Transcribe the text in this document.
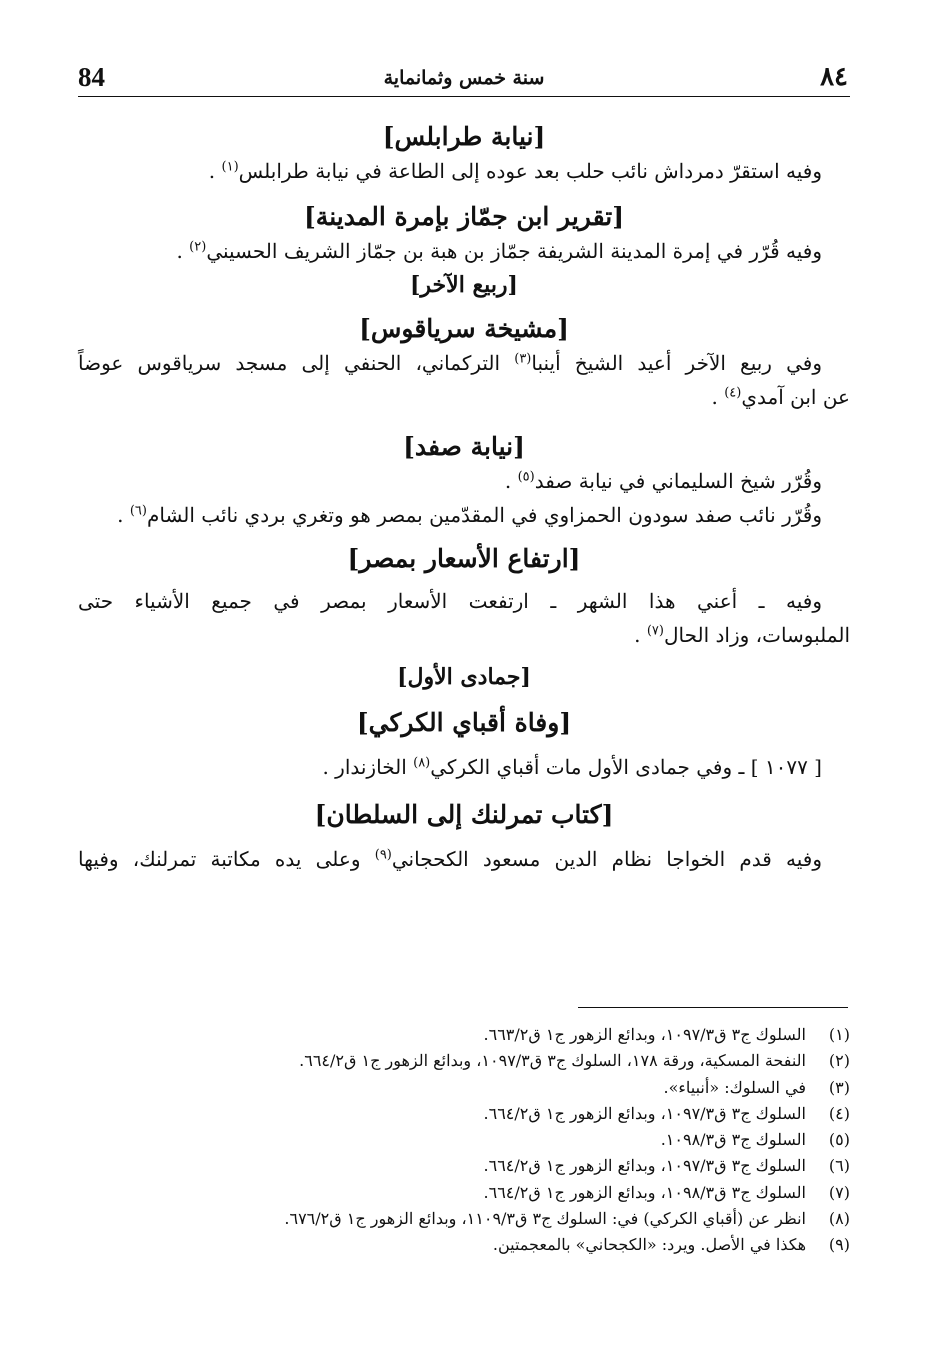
84	سنة خمس وثمانماية	٨٤
[نيابة طرابلس]

وفيه استقرّ دمرداش نائب حلب بعد عوده إلى الطاعة في نيابة طرابلس$^{(١)}$ .

[تقرير ابن جمّاز بإمرة المدينة]

وفيه قُرّر في إمرة المدينة الشريفة جمّاز بن هبة بن جمّاز الشريف الحسيني$^{(٢)}$ .

[ربيع الآخر]
[مشيخة سرياقوس]

وفي ربيع الآخر أعيد الشيخ أينبا$^{(٣)}$ التركماني، الحنفي إلى مسجد سرياقوس عوضاً

عن ابن آمدي$^{(٤)}$ .

[نيابة صفد]

وقُرّر شيخ السليماني في نيابة صفد$^{(٥)}$ .

وقُرّر نائب صفد سودون الحمزاوي في المقدّمين بمصر هو وتغري بردي نائب الشام$^{(٦)}$ .

[ارتفاع الأسعار بمصر]

وفيه ـ أعني هذا الشهر ـ ارتفعت الأسعار بمصر في جميع الأشياء حتى

الملبوسات، وزاد الحال$^{(٧)}$ .

[جمادى الأول]
[وفاة أقباي الكركي]

[ ١٠٧٧ ] ـ وفي جمادى الأول مات أقباي الكركي$^{(٨)}$ الخازندار .

[كتاب تمرلنك إلى السلطان]

وفيه قدم الخواجا نظام الدين مسعود الكحجاني$^{(٩)}$ وعلى يده مكاتبة تمرلنك، وفيها

(١)السلوك ج٣ ق١٠٩٧/٣، وبدائع الزهور ج١ ق٦٦٣/٢.

(٢)النفحة المسكية، ورقة ١٧٨، السلوك ج٣ ق١٠٩٧/٣، وبدائع الزهور ج١ ق٦٦٤/٢.

(٣)في السلوك: «أنبياء».

(٤)السلوك ج٣ ق١٠٩٧/٣، وبدائع الزهور ج١ ق٦٦٤/٢.

(٥)السلوك ج٣ ق١٠٩٨/٣.

(٦)السلوك ج٣ ق١٠٩٧/٣، وبدائع الزهور ج١ ق٦٦٤/٢.

(٧)السلوك ج٣ ق١٠٩٨/٣، وبدائع الزهور ج١ ق٦٦٤/٢.

(٨)انظر عن (أقباي الكركي) في: السلوك ج٣ ق١١٠٩/٣، وبدائع الزهور ج١ ق٦٧٦/٢.

(٩)هكذا في الأصل. ويرد: «الكجحاني» بالمعجمتين.
